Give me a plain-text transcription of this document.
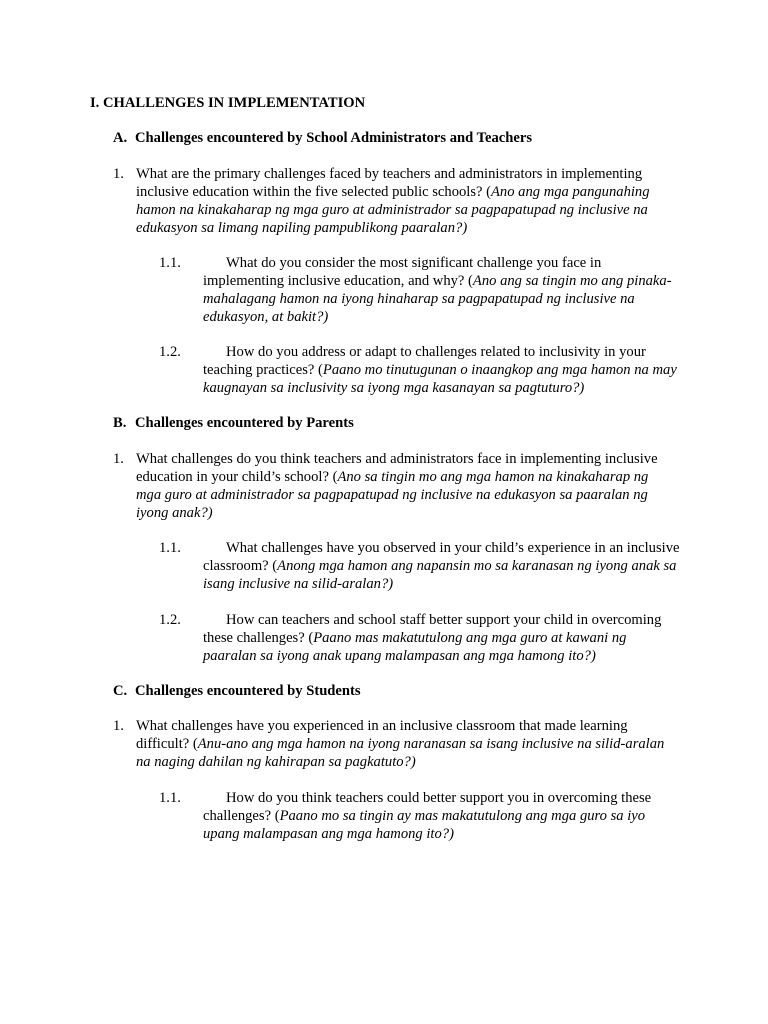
I. CHALLENGES IN IMPLEMENTATION

A. Challenges encountered by School Administrators and Teachers

1. What are the primary challenges faced by teachers and administrators in implementing inclusive education within the five selected public schools? (Ano ang mga pangunahing hamon na kinakaharap ng mga guro at administrador sa pagpapatupad ng inclusive na edukasyon sa limang napiling pampublikong paaralan?)
1.1.	What do you consider the most significant challenge you face in implementing inclusive education, and why? (Ano ang sa tingin mo ang pinaka-mahalagang hamon na iyong hinaharap sa pagpapatupad ng inclusive na edukasyon, at bakit?)
1.2.	How do you address or adapt to challenges related to inclusivity in your teaching practices? (Paano mo tinutugunan o inaangkop ang mga hamon na may kaugnayan sa inclusivity sa iyong mga kasanayan sa pagtuturo?)

B. Challenges encountered by Parents

1. What challenges do you think teachers and administrators face in implementing inclusive education in your child’s school? (Ano sa tingin mo ang mga hamon na kinakaharap ng mga guro at administrador sa pagpapatupad ng inclusive na edukasyon sa paaralan ng iyong anak?)
1.1.	What challenges have you observed in your child’s experience in an inclusive classroom? (Anong mga hamon ang napansin mo sa karanasan ng iyong anak sa isang inclusive na silid-aralan?)
1.2.	How can teachers and school staff better support your child in overcoming these challenges? (Paano mas makatutulong ang mga guro at kawani ng paaralan sa iyong anak upang malampasan ang mga hamong ito?)

C. Challenges encountered by Students

1. What challenges have you experienced in an inclusive classroom that made learning difficult? (Anu-ano ang mga hamon na iyong naranasan sa isang inclusive na silid-aralan na naging dahilan ng kahirapan sa pagkatuto?)
1.1.	How do you think teachers could better support you in overcoming these challenges? (Paano mo sa tingin ay mas makatutulong ang mga guro sa iyo upang malampasan ang mga hamong ito?)
